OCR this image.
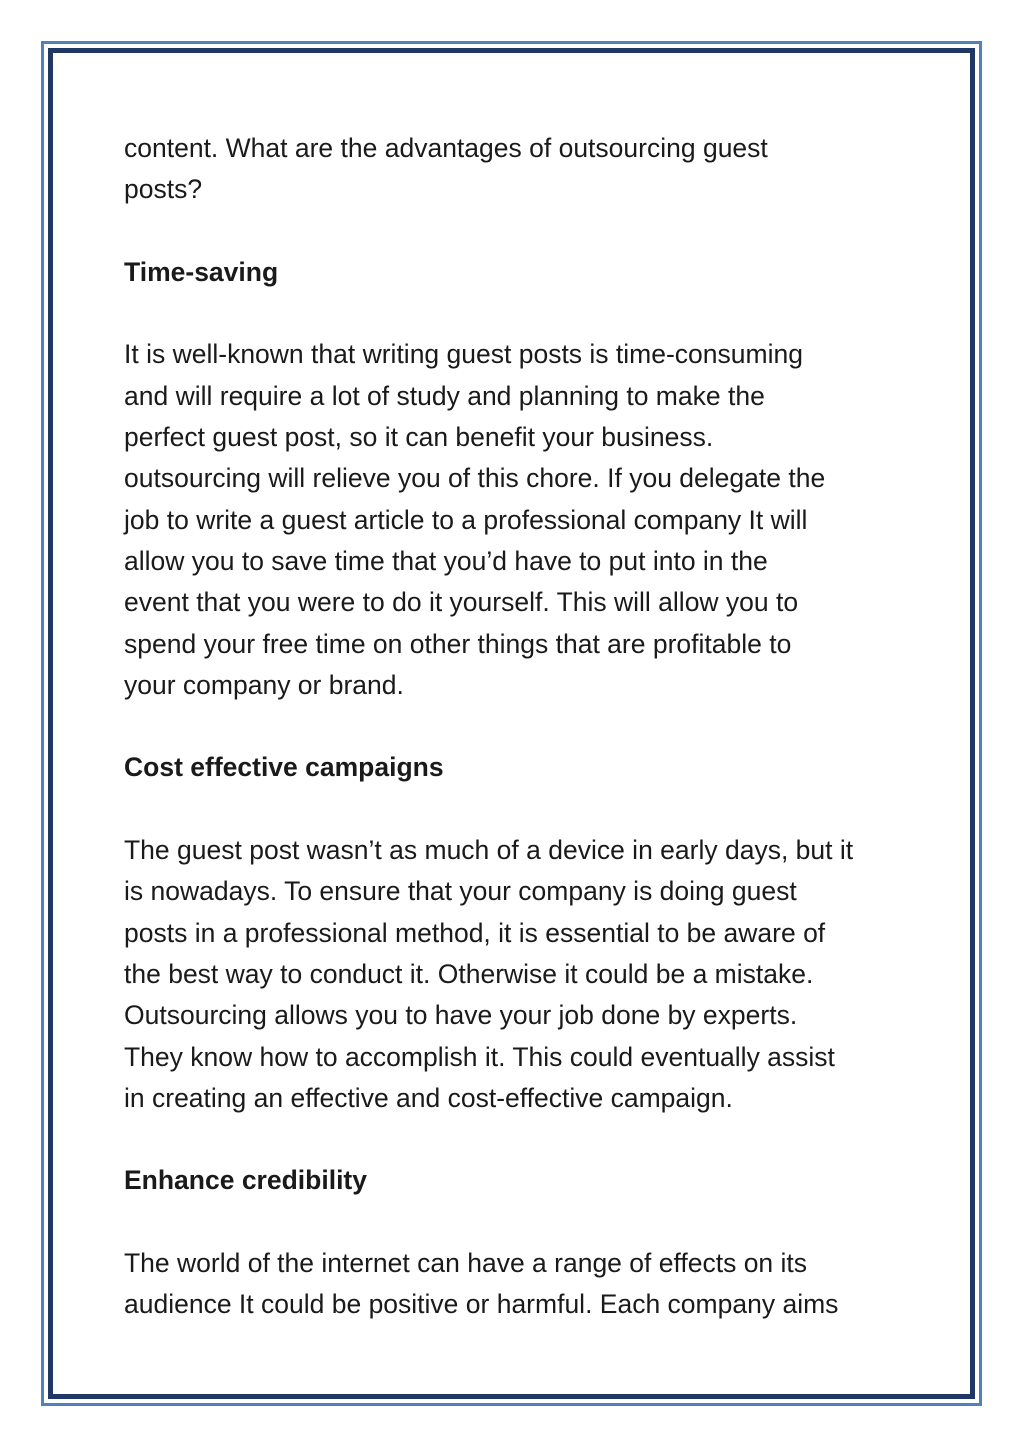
content. What are the advantages of outsourcing guest
posts?

Time-saving

It is well-known that writing guest posts is time-consuming
and will require a lot of study and planning to make the
perfect guest post, so it can benefit your business.
outsourcing will relieve you of this chore. If you delegate the
job to write a guest article to a professional company It will
allow you to save time that you’d have to put into in the
event that you were to do it yourself. This will allow you to
spend your free time on other things that are profitable to
your company or brand.

Cost effective campaigns

The guest post wasn’t as much of a device in early days, but it
is nowadays. To ensure that your company is doing guest
posts in a professional method, it is essential to be aware of
the best way to conduct it. Otherwise it could be a mistake.
Outsourcing allows you to have your job done by experts.
They know how to accomplish it. This could eventually assist
in creating an effective and cost-effective campaign.

Enhance credibility

The world of the internet can have a range of effects on its
audience It could be positive or harmful. Each company aims
